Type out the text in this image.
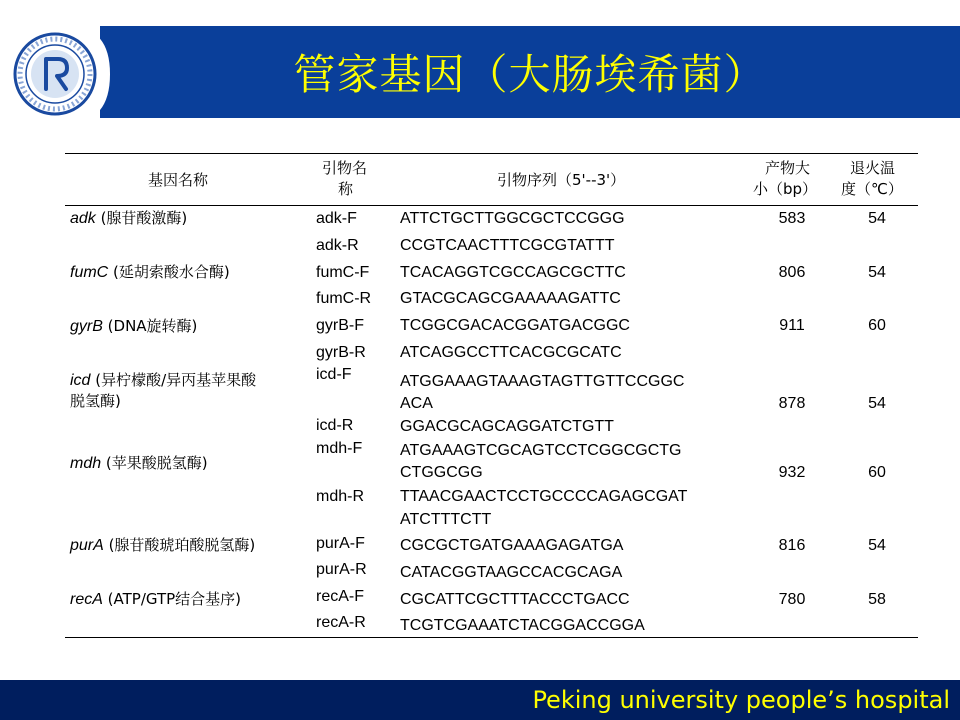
管家基因（大肠埃希菌）
基因名称
引物名
称	引物序列（5'--3'）
产物大
小（bp）
退火温
度（℃）
adk (腺苷酸激酶)
fumC (延胡索酸水合酶)
gyrB (DNA旋转酶)
icd (异柠檬酸/异丙基苹果酸
脱氢酶)
mdh (苹果酸脱氢酶)
purA (腺苷酸琥珀酸脱氢酶)
recA (ATP/GTP结合基序)
adk-F
adk-R
fumC-F
fumC-R
gyrB-F
gyrB-R
icd-F
icd-R
mdh-F
mdh-R
purA-F
purA-R
recA-F
recA-R
ATTCTGCTTGGCGCTCCGGG
CCGTCAACTTTCGCGTATTT
TCACAGGTCGCCAGCGCTTC
GTACGCAGCGAAAAAGATTC
TCGGCGACACGGATGACGGC
ATCAGGCCTTCACGCGCATC
ATGGAAAGTAAAGTAGTTGTTCCGGC
ACA
GGACGCAGCAGGATCTGTT
ATGAAAGTCGCAGTCCTCGGCGCTG
CTGGCGG
TTAACGAACTCCTGCCCCAGAGCGAT
ATCTTTCTT
CGCGCTGATGAAAGAGATGA
CATACGGTAAGCCACGCAGA
CGCATTCGCTTTACCCTGACC
TCGTCGAAATCTACGGACCGGA
583
806
911
878
932
816
780
54
54
60
54
60
54
58
Peking university people’s hospital
